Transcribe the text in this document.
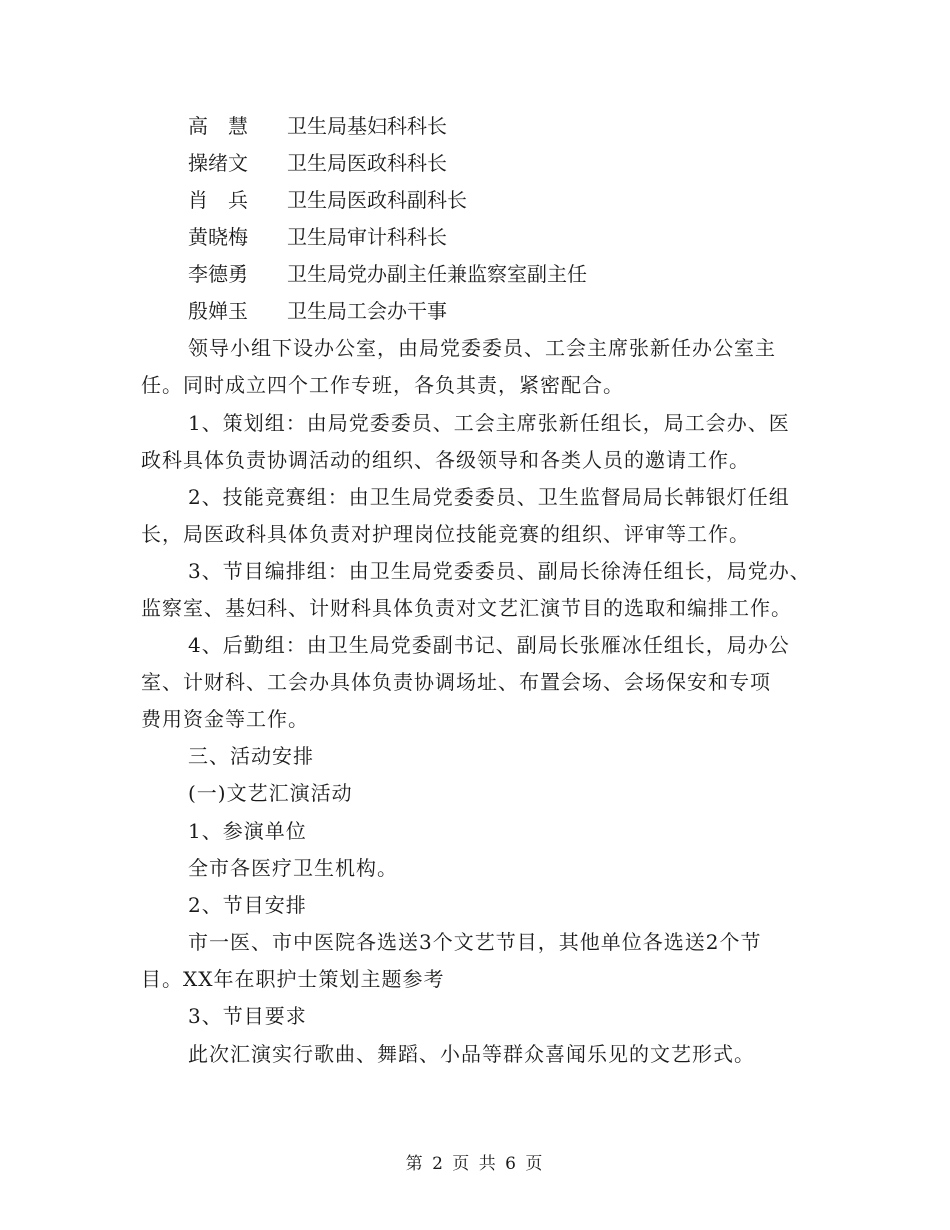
高　慧	卫生局基妇科科长
操绪文	卫生局医政科科长
肖　兵	卫生局医政科副科长
黄晓梅	卫生局审计科科长
李德勇	卫生局党办副主任兼监察室副主任
殷婵玉	卫生局工会办干事
领导小组下设办公室，由局党委委员、工会主席张新任办公室主
任。同时成立四个工作专班，各负其责，紧密配合。
1、策划组：由局党委委员、工会主席张新任组长，局工会办、医
政科具体负责协调活动的组织、各级领导和各类人员的邀请工作。
2、技能竞赛组：由卫生局党委委员、卫生监督局局长韩银灯任组
长，局医政科具体负责对护理岗位技能竞赛的组织、评审等工作。
3、节目编排组：由卫生局党委委员、副局长徐涛任组长，局党办、
监察室、基妇科、计财科具体负责对文艺汇演节目的选取和编排工作。
4、后勤组：由卫生局党委副书记、副局长张雁冰任组长，局办公
室、计财科、工会办具体负责协调场址、布置会场、会场保安和专项
费用资金等工作。
三、活动安排
(一)文艺汇演活动
1、参演单位
全市各医疗卫生机构。
2、节目安排
市一医、市中医院各选送3个文艺节目，其他单位各选送2个节
目。XX年在职护士策划主题参考
3、节目要求
此次汇演实行歌曲、舞蹈、小品等群众喜闻乐见的文艺形式。
第 2 页 共 6 页
